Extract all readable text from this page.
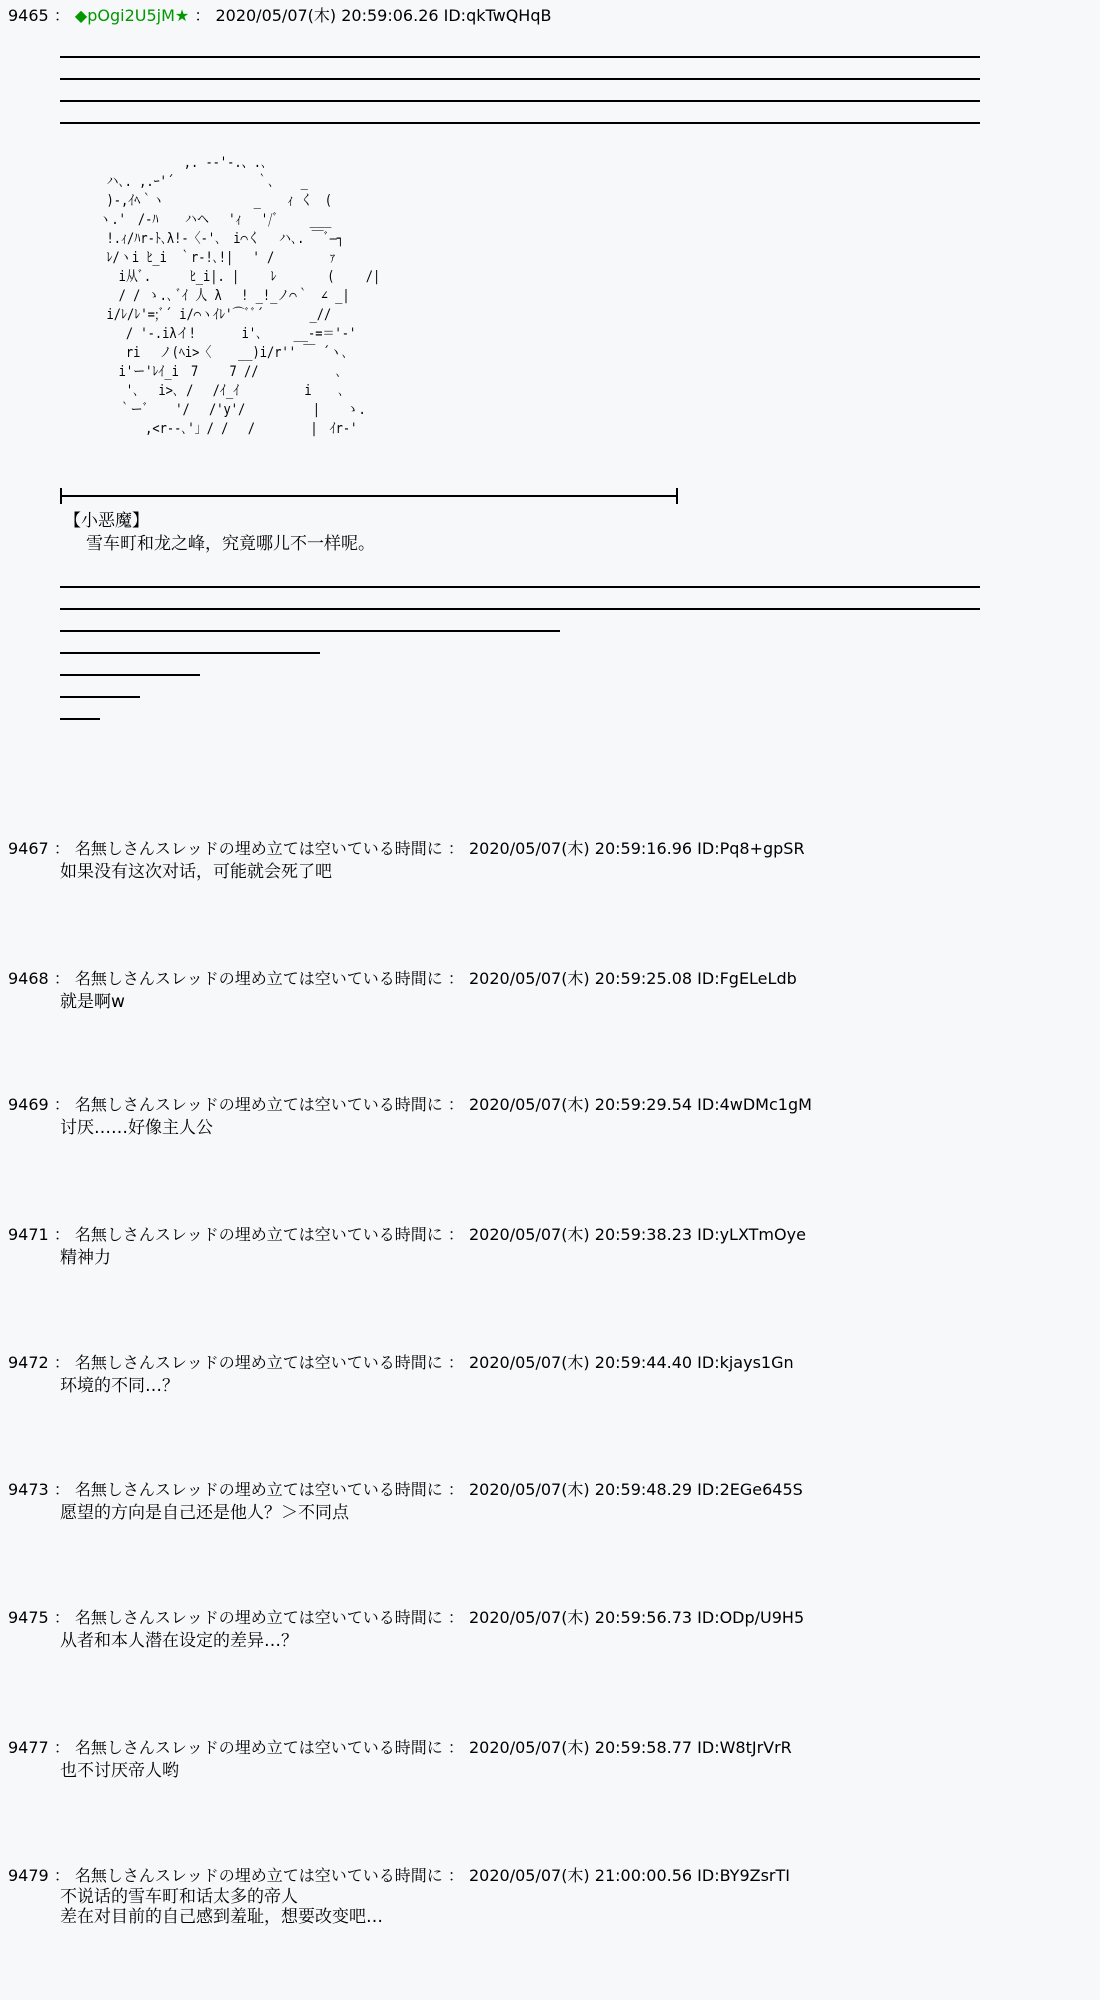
9465 ： ◆pOgi2U5jM★ ： 2020/05/07(木) 20:59:06.26 ID:qkTwQHqB
　 　 　 　 　 ,. --'‐.、.､
　 ハ､. ,.ｰ'´　　 　 　 　｀､ 　 _
　 )-,ｲﾍ｀ヽ　　 　 　 　 _ 　 ｨ く　(
　ヽ.'　/-ﾊ 　 ハヘ　 'ｨ　 '/ﾞ 　　___
　 !.ｨ/ﾊr-ﾄ､λ!-〈-'､　i⌒く　 ハ､. ￣ﾞ―┐
　 ﾚ/ヽi ﾋ_i　｀r-!､!|　 ' /　　　　 ｧ
　　 i从ﾞ.　 　 ﾋ_i|. |　　 ﾚ　 　 　(　　 /|
　　 / / ゝ.､ ﾞｲ 人 λ 　! _!_ノ⌒｀　∠ _|
　 i/ﾚ/ﾚ'=;ﾞ´ i/⌒ヽｲﾚ'⌒ﾞﾞ´ 　 　 _//
　 　 / '‐.iλイ! 　 　 i'､ 　　__-=＝'‐'
　 　 ri 　ノ(ﾍi>〈 　 __)i/r'' ￣ ´ヽ､
　 　i'ー'ﾚｲ_i　7　 　7 //　 　 　 　 ､
　 　 '､　 i>､ /　 /ｲ_ｲ 　 　 　 i 　 ､
　　 ｀ーﾞ 　 '/ 　/'y'/　　　　 　| 　 ゝ.
　 　 　 ,<r--､'」/ /　 /　　　　 |　ｲr-'
【小恶魔】
雪车町和龙之峰，究竟哪儿不一样呢。
9467 ： 名無しさんスレッドの埋め立ては空いている時間に ： 2020/05/07(木) 20:59:16.96 ID:Pq8+gpSR
如果没有这次对话，可能就会死了吧
9468 ： 名無しさんスレッドの埋め立ては空いている時間に ： 2020/05/07(木) 20:59:25.08 ID:FgELeLdb
就是啊w
9469 ： 名無しさんスレッドの埋め立ては空いている時間に ： 2020/05/07(木) 20:59:29.54 ID:4wDMc1gM
讨厌……好像主人公
9471 ： 名無しさんスレッドの埋め立ては空いている時間に ： 2020/05/07(木) 20:59:38.23 ID:yLXTmOye
精神力
9472 ： 名無しさんスレッドの埋め立ては空いている時間に ： 2020/05/07(木) 20:59:44.40 ID:kjays1Gn
环境的不同…？
9473 ： 名無しさんスレッドの埋め立ては空いている時間に ： 2020/05/07(木) 20:59:48.29 ID:2EGe645S
愿望的方向是自己还是他人？＞不同点
9475 ： 名無しさんスレッドの埋め立ては空いている時間に ： 2020/05/07(木) 20:59:56.73 ID:ODp/U9H5
从者和本人潜在设定的差异…？
9477 ： 名無しさんスレッドの埋め立ては空いている時間に ： 2020/05/07(木) 20:59:58.77 ID:W8tJrVrR
也不讨厌帝人哟
9479 ： 名無しさんスレッドの埋め立ては空いている時間に ： 2020/05/07(木) 21:00:00.56 ID:BY9ZsrTI
不说话的雪车町和话太多的帝人
差在对目前的自己感到羞耻，想要改变吧…
